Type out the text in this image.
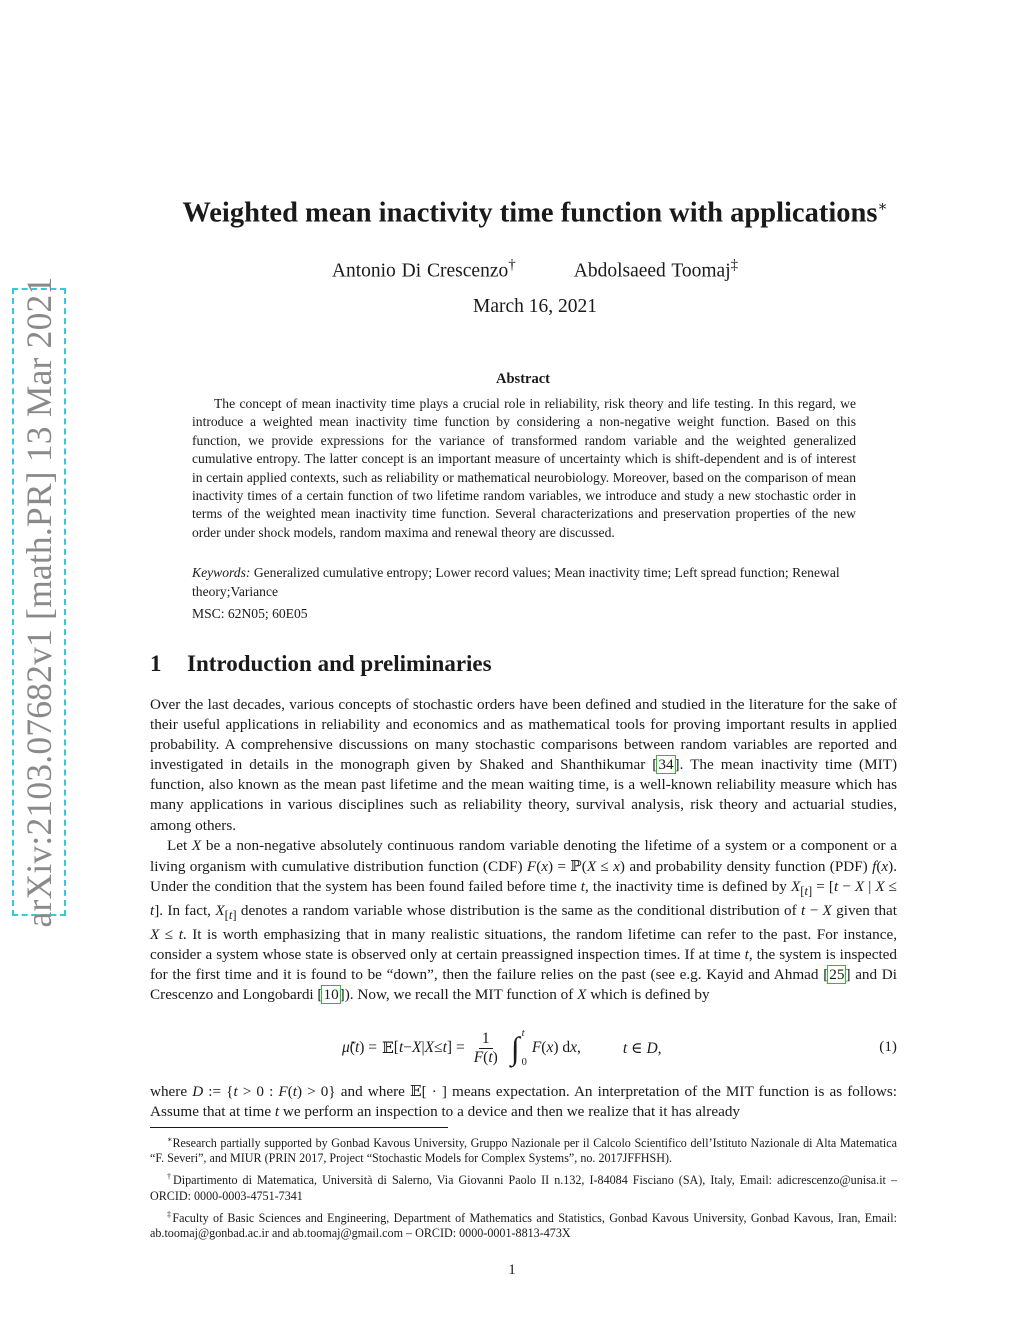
arXiv:2103.07682v1 [math.PR] 13 Mar 2021
Weighted mean inactivity time function with applications∗
Antonio Di Crescenzo†	Abdolsaeed Toomaj‡
March 16, 2021
Abstract

The concept of mean inactivity time plays a crucial role in reliability, risk theory and life testing. In this regard, we introduce a weighted mean inactivity time function by considering a non-negative weight function. Based on this function, we provide expressions for the variance of transformed random variable and the weighted generalized cumulative entropy. The latter concept is an important measure of uncertainty which is shift-dependent and is of interest in certain applied contexts, such as reliability or mathematical neurobiology. Moreover, based on the comparison of mean inactivity times of a certain function of two lifetime random variables, we introduce and study a new stochastic order in terms of the weighted mean inactivity time function. Several characterizations and preservation properties of the new order under shock models, random maxima and renewal theory are discussed.

Keywords: Generalized cumulative entropy; Lower record values; Mean inactivity time; Left spread function; Renewal theory;Variance
MSC: 62N05; 60E05
1 Introduction and preliminaries

Over the last decades, various concepts of stochastic orders have been defined and studied in the literature for the sake of their useful applications in reliability and economics and as mathematical tools for proving important results in applied probability. A comprehensive discussions on many stochastic comparisons between random variables are reported and investigated in details in the monograph given by Shaked and Shanthikumar [34]. The mean inactivity time (MIT) function, also known as the mean past lifetime and the mean waiting time, is a well-known reliability measure which has many applications in various disciplines such as reliability theory, survival analysis, risk theory and actuarial studies, among others.

Let X be a non-negative absolutely continuous random variable denoting the lifetime of a system or a component or a living organism with cumulative distribution function (CDF) F(x) = ℙ(X ≤ x) and probability density function (PDF) f(x). Under the condition that the system has been found failed before time t, the inactivity time is defined by $X_{[t]} = [t - X$ | X ≤ t]. In fact, $X_{[t]}$ denotes a random variable whose distribution is the same as the conditional distribution of t − X given that X ≤ t. It is worth emphasizing that in many realistic situations, the random lifetime can refer to the past. For instance, consider a system whose state is observed only at certain preassigned inspection times. If at time t, the system is inspected for the first time and it is found to be “down”, then the failure relies on the past (see e.g. Kayid and Ahmad [25] and Di Crescenzo and Longobardi [10]). Now, we recall the MIT function of X which is defined by

μ̃ ( t ) = 𝔼 [ t − X | X ≤ t ] = $\frac{1}{F(t)}$ ∫ t
0
F ( x ) d x ,	t ∈ D,	(1)
where D := {t > 0 : F(t) > 0} and where 𝔼[ · ] means expectation. An interpretation of the MIT function is as follows: Assume that at time t we perform an inspection to a device and then we realize that it has already

∗Research partially supported by Gonbad Kavous University, Gruppo Nazionale per il Calcolo Scientifico dell’Istituto Nazionale di Alta Matematica “F. Severi”, and MIUR (PRIN 2017, Project “Stochastic Models for Complex Systems”, no. 2017JFFHSH).

†Dipartimento di Matematica, Università di Salerno, Via Giovanni Paolo II n.132, I-84084 Fisciano (SA), Italy, Email: adicrescenzo@unisa.it – ORCID: 0000-0003-4751-7341

‡Faculty of Basic Sciences and Engineering, Department of Mathematics and Statistics, Gonbad Kavous University, Gonbad Kavous, Iran, Email: ab.toomaj@gonbad.ac.ir and ab.toomaj@gmail.com – ORCID: 0000-0001-8813-473X

1
